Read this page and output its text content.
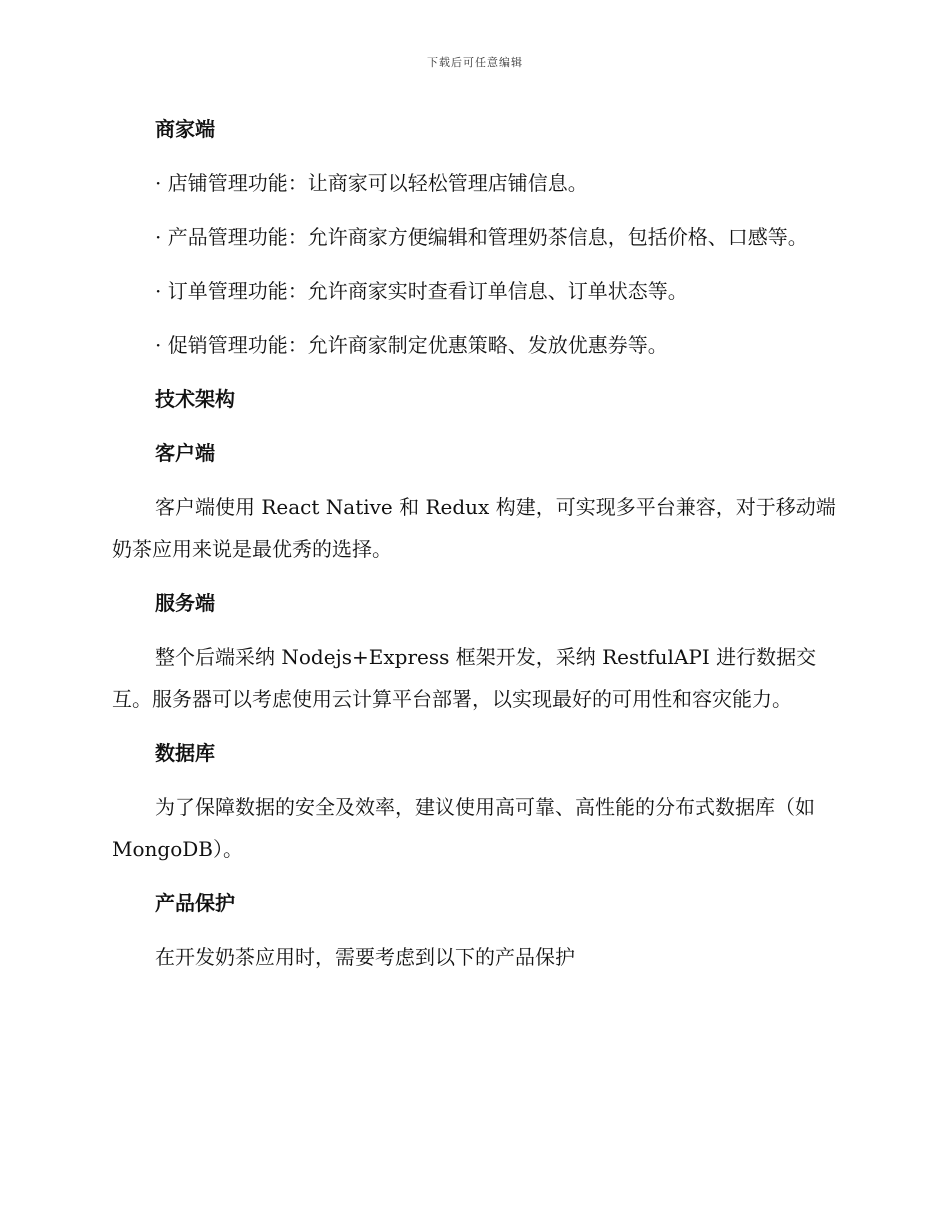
下载后可任意编辑
商家端

· 店铺管理功能：让商家可以轻松管理店铺信息。

· 产品管理功能：允许商家方便编辑和管理奶茶信息，包括价格、口感等。

· 订单管理功能：允许商家实时查看订单信息、订单状态等。

· 促销管理功能：允许商家制定优惠策略、发放优惠券等。

技术架构
客户端

客户端使用 React Native 和 Redux 构建，可实现多平台兼容，对于移动端奶茶应用来说是最优秀的选择。

服务端

整个后端采纳 Nodejs+Express 框架开发，采纳 RestfulAPI 进行数据交互。服务器可以考虑使用云计算平台部署，以实现最好的可用性和容灾能力。

数据库

为了保障数据的安全及效率，建议使用高可靠、高性能的分布式数据库（如 MongoDB）。

产品保护

在开发奶茶应用时，需要考虑到以下的产品保护
